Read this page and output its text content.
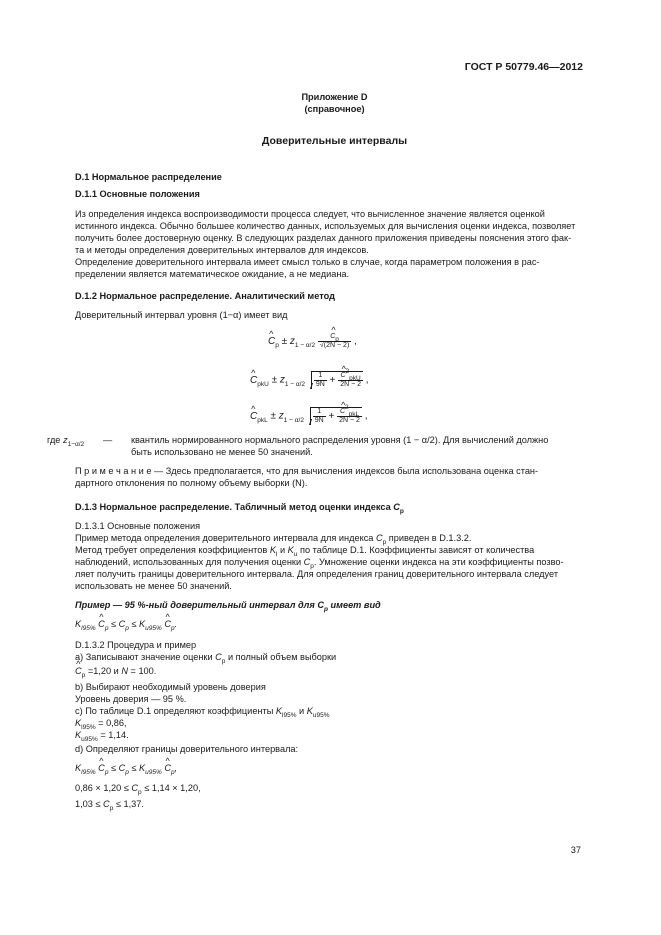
ГОСТ Р 50779.46—2012
Приложение D
(справочное)
Доверительные интервалы
D.1 Нормальное распределение
D.1.1 Основные положения
Из определения индекса воспроизводимости процесса следует, что вычисленное значение является оценкой
истинного индекса. Обычно большее количество данных, используемых для вычисления оценки индекса, позволяет
получить более достоверную оценку. В следующих разделах данного приложения приведены пояснения этого фак-
та и методы определения доверительных интервалов для индексов.
Определение доверительного интервала имеет смысл только в случае, когда параметром положения в рас-
пределении является математическое ожидание, а не медиана.
D.1.2 Нормальное распределение. Аналитический метод
Доверительный интервал уровня (1−α) имеет вид
^ $C_p \pm z_{1 - \alpha/2}$ ^ $\frac{Cp}{√(2N - 2)}$ ,
^ $C_{pkU} \pm z_{1 - \alpha/2} \frac{1}{9N}$ + ^ $\frac{\text{C2pkU}}{2N - 2}$ ,
^ $C_{pkL} \pm z_{1 - \alpha/2} \frac{1}{9N}$ + ^ $\frac{\text{C2pkL}}{2N - 2}$ ,
где $z_{1-\alpha/2}$ — квантиль нормированного нормального распределения уровня (1 − α/2). Для вычислений должно
быть использовано не менее 50 значений.
П р и м е ч а н и е — Здесь предполагается, что для вычисления индексов была использована оценка стан-
дартного отклонения по полному объему выборки (N).
D.1.3 Нормальное распределение. Табличный метод оценки индекса $C_p$
D.1.3.1 Основные положения
Пример метода определения доверительного интервала для индекса $C_p$ приведен в D.1.3.2.
Метод требует определения коэффициентов $K_l$ и $K_u$ по таблице D.1. Коэффициенты зависят от количества
наблюдений, использованных для получения оценки $C_p$. Умножение оценки индекса на эти коэффициенты позво-
ляет получить границы доверительного интервала. Для определения границ доверительного интервала следует
использовать не менее 50 значений.
Пример — 95 %-ный доверительный интервал для $C_p$ имеет вид
$K_{l95\%}$ ^ $C_p \le C_p \le K_{u95\%}$ ^ $C_p$.
D.1.3.2 Процедура и пример
a) Записывают значение оценки $C_p$ и полный объем выборки
^ $C_p =1,20$ и N = 100.
b) Выбирают необходимый уровень доверия
Уровень доверия — 95 %.
c) По таблице D.1 определяют коэффициенты $K_{l95\%}$ и $K_{u95\%}$
$K_{l95\%} = 0,86$,
$K_{u95\%} = 1,14$.
d) Определяют границы доверительного интервала:
$K_{l95\%}$ ^ $C_p \le C_p \le K_{u95\%}$ ^ $C_p$,
$0,86 \times 1,20 \le C_p \le 1,14 \times 1,20$,
$1,03 \le C_p \le 1,37$.
37
